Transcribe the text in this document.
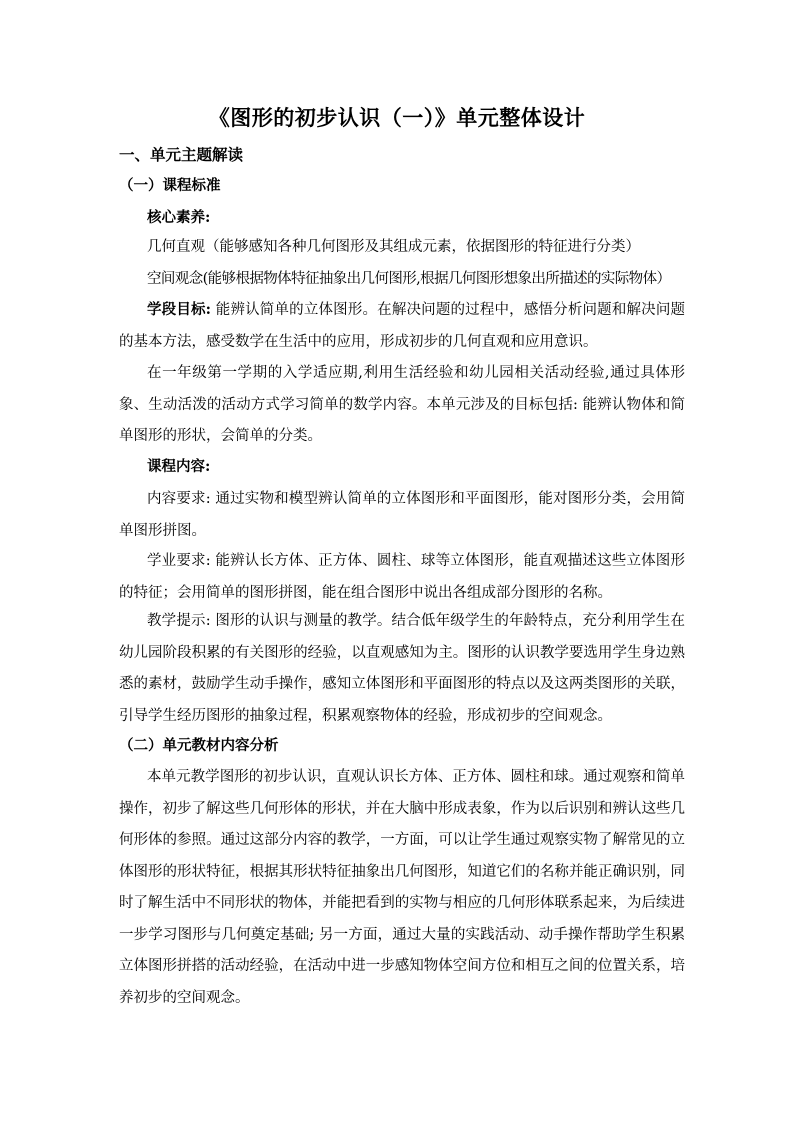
《图形的初步认识（一）》单元整体设计
一、单元主题解读
（一）课程标准
核心素养:
几何直观（能够感知各种几何图形及其组成元素，依据图形的特征进行分类）
空间观念(能够根据物体特征抽象出几何图形,根据几何图形想象出所描述的实际物体）

学段目标: 能辨认简单的立体图形。在解决问题的过程中，感悟分析问题和解决问题的基本方法，感受数学在生活中的应用，形成初步的几何直观和应用意识。

在一年级第一学期的入学适应期,利用生活经验和幼儿园相关活动经验,通过具体形象、生动活泼的活动方式学习简单的数学内容。本单元涉及的目标包括: 能辨认物体和简单图形的形状，会简单的分类。

课程内容:

内容要求: 通过实物和模型辨认简单的立体图形和平面图形，能对图形分类，会用简单图形拼图。

学业要求: 能辨认长方体、正方体、圆柱、球等立体图形，能直观描述这些立体图形的特征；会用简单的图形拼图，能在组合图形中说出各组成部分图形的名称。

教学提示: 图形的认识与测量的教学。结合低年级学生的年龄特点，充分利用学生在幼儿园阶段积累的有关图形的经验，以直观感知为主。图形的认识教学要选用学生身边熟悉的素材，鼓励学生动手操作，感知立体图形和平面图形的特点以及这两类图形的关联，引导学生经历图形的抽象过程，积累观察物体的经验，形成初步的空间观念。

（二）单元教材内容分析

本单元教学图形的初步认识，直观认识长方体、正方体、圆柱和球。通过观察和简单操作，初步了解这些几何形体的形状，并在大脑中形成表象，作为以后识别和辨认这些几何形体的参照。通过这部分内容的教学，一方面，可以让学生通过观察实物了解常见的立体图形的形状特征，根据其形状特征抽象出几何图形，知道它们的名称并能正确识别，同时了解生活中不同形状的物体，并能把看到的实物与相应的几何形体联系起来，为后续进一步学习图形与几何奠定基础; 另一方面，通过大量的实践活动、动手操作帮助学生积累立体图形拼搭的活动经验，在活动中进一步感知物体空间方位和相互之间的位置关系，培养初步的空间观念。
